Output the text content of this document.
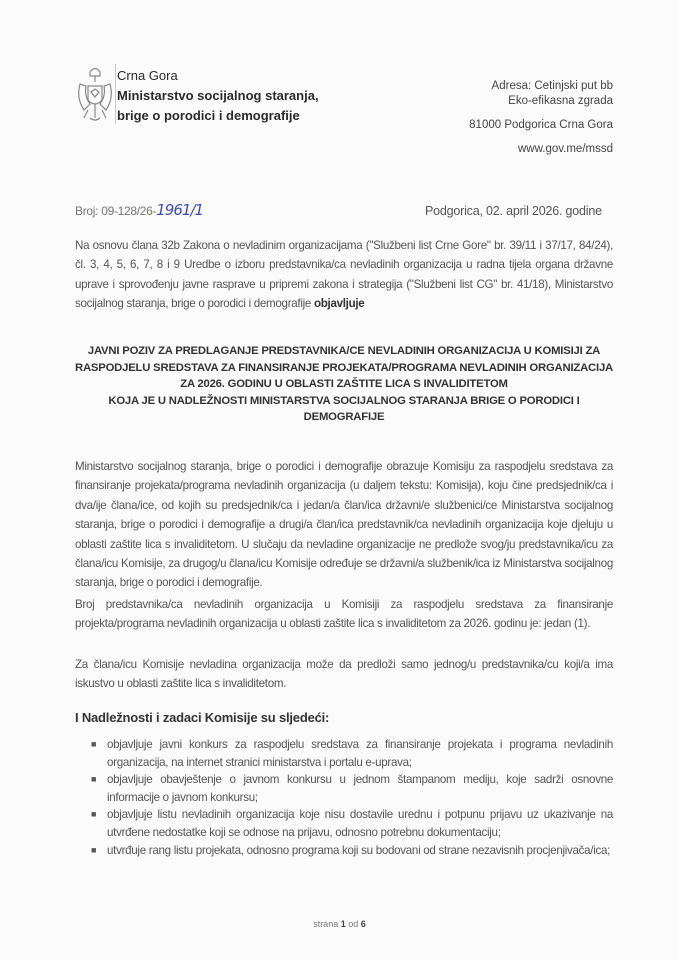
Crna Gora
Ministarstvo socijalnog staranja,
brige o porodici i demografije
Adresa: Cetinjski put bb
Eko-efikasna zgrada
81000 Podgorica Crna Gora
www.gov.me/mssd
Broj: 09-128/26-1961/1	Podgorica, 02. april 2026. godine
Na osnovu člana 32b Zakona o nevladinim organizacijama ("Službeni list Crne Gore" br. 39/11 i 37/17, 84/24), čl. 3, 4, 5, 6, 7, 8 i 9 Uredbe o izboru predstavnika/ca nevladinih organizacija u radna tijela organa državne uprave i sprovođenju javne rasprave u pripremi zakona i strategija ("Službeni list CG" br. 41/18), Ministarstvo socijalnog staranja, brige o porodici i demografije objavljuje
JAVNI POZIV ZA PREDLAGANJE PREDSTAVNIKA/CE NEVLADINIH ORGANIZACIJA U KOMISIJI ZA
RASPODJELU SREDSTAVA ZA FINANSIRANJE PROJEKATA/PROGRAMA NEVLADINIH ORGANIZACIJA
ZA 2026. GODINU U OBLASTI ZAŠTITE LICA S INVALIDITETOM
KOJA JE U NADLEŽNOSTI MINISTARSTVA SOCIJALNOG STARANJA BRIGE O PORODICI I
DEMOGRAFIJE
Ministarstvo socijalnog staranja, brige o porodici i demografije obrazuje Komisiju za raspodjelu sredstava za finansiranje projekata/programa nevladinih organizacija (u daljem tekstu: Komisija), koju čine predsjednik/ca i dva/ije člana/ice, od kojih su predsjednik/ca i jedan/a član/ica državni/e službenici/ce Ministarstva socijalnog staranja, brige o porodici i demografije a drugi/a član/ica predstavnik/ca nevladinih organizacija koje djeluju u oblasti zaštite lica s invaliditetom. U slučaju da nevladine organizacije ne predlože svog/ju predstavnika/icu za člana/icu Komisije, za drugog/u člana/icu Komisije određuje se državni/a službenik/ica iz Ministarstva socijalnog staranja, brige o porodici i demografije.
Broj predstavnika/ca nevladinih organizacija u Komisiji za raspodjelu sredstava za finansiranje projekta/programa nevladinih organizacija u oblasti zaštite lica s invaliditetom za 2026. godinu je: jedan (1).
Za člana/icu Komisije nevladina organizacija može da predloži samo jednog/u predstavnika/cu koji/a ima iskustvo u oblasti zaštite lica s invaliditetom.
I Nadležnosti i zadaci Komisije su sljedeći:
■ objavljuje javni konkurs za raspodjelu sredstava za finansiranje projekata i programa nevladinih organizacija, na internet stranici ministarstva i portalu e-uprava;
■ objavljuje obavještenje o javnom konkursu u jednom štampanom mediju, koje sadrži osnovne informacije o javnom konkursu;
■ objavljuje listu nevladinih organizacija koje nisu dostavile urednu i potpunu prijavu uz ukazivanje na utvrđene nedostatke koji se odnose na prijavu, odnosno potrebnu dokumentaciju;
■ utvrđuje rang listu projekata, odnosno programa koji su bodovani od strane nezavisnih procjenjivača/ica;
strana 1 od 6
